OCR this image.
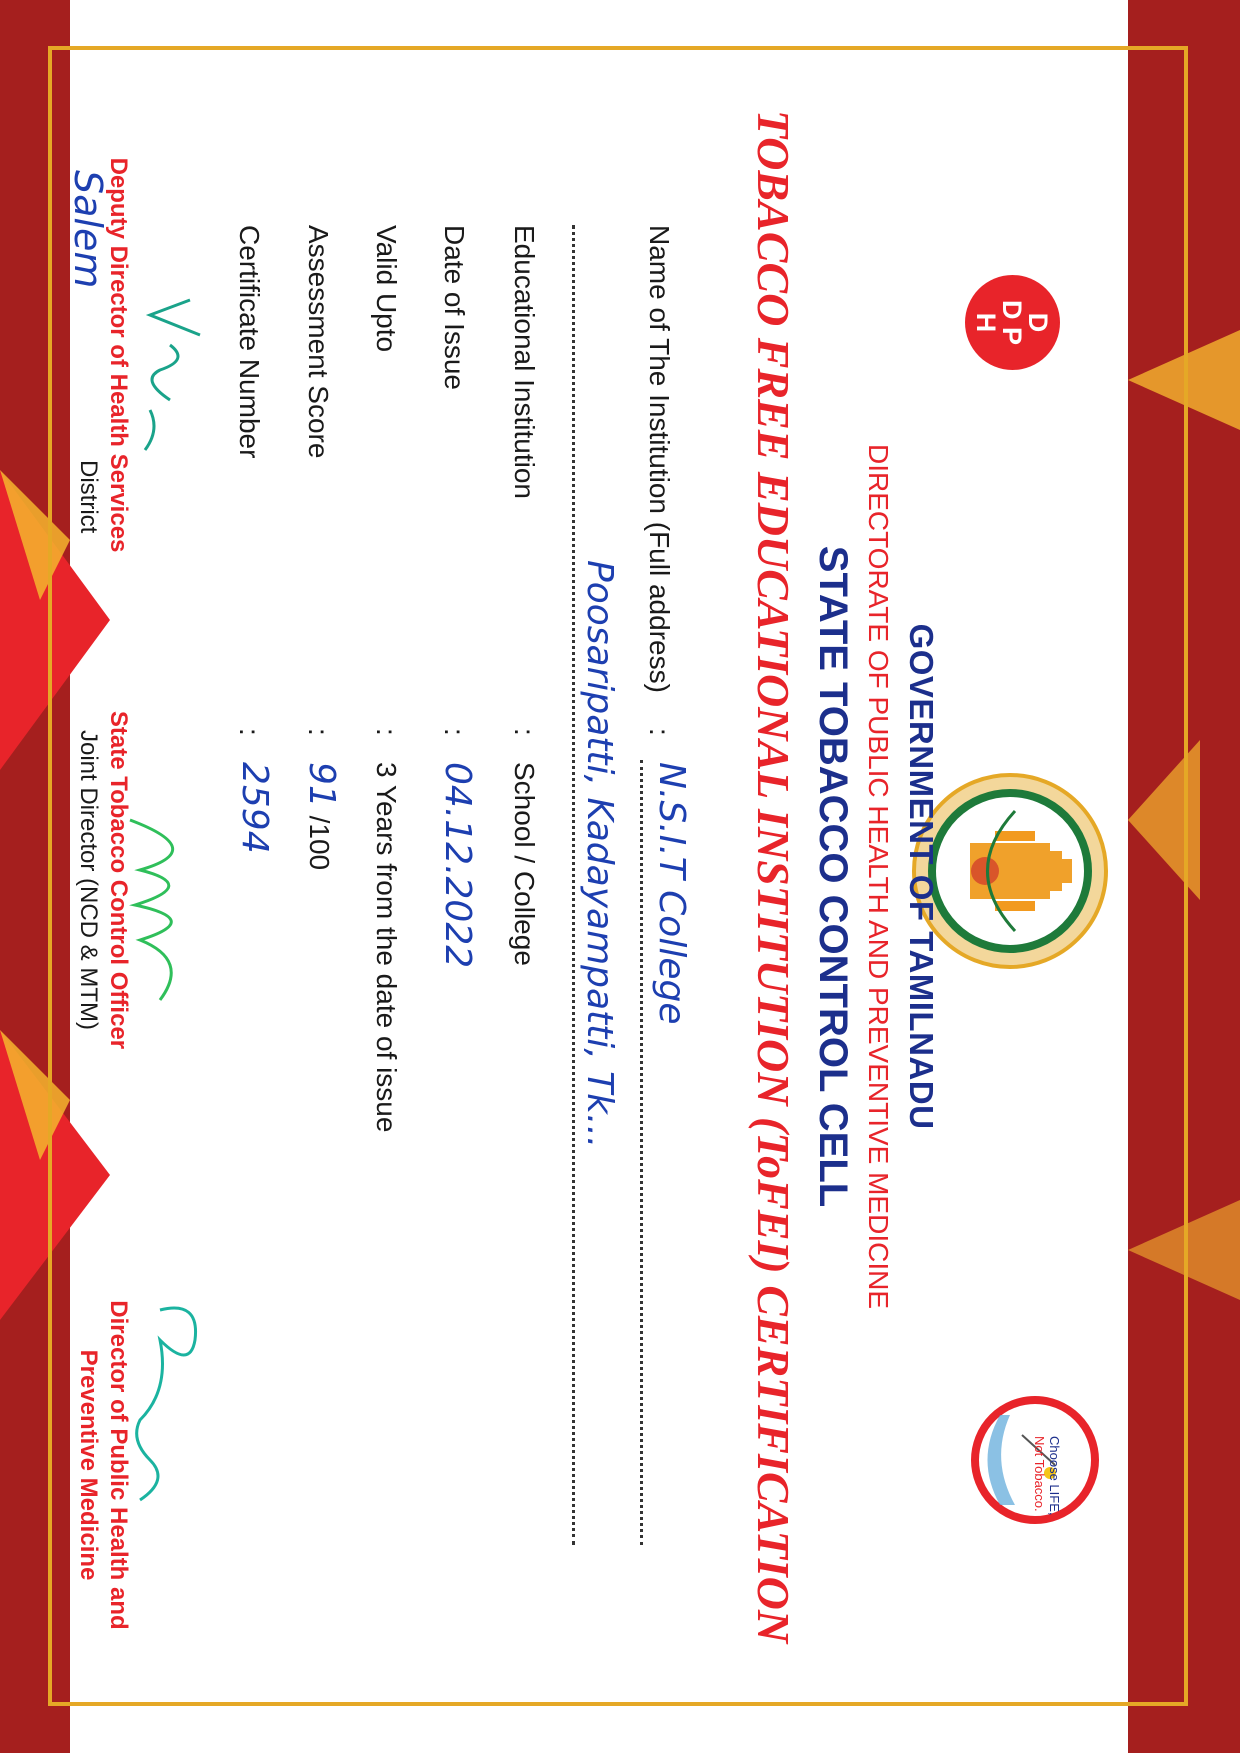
D
D P
H
Choose LIFE,
Not Tobacco.
GOVERNMENT OF TAMILNADU
DIRECTORATE OF PUBLIC HEALTH AND PREVENTIVE MEDICINE
STATE TOBACCO CONTROL CELL
TOBACCO FREE EDUCATIONAL INSTITUTION (ToFEI) CERTIFICATION
Name of The Institution (Full address)
:
N.S.I.T College
Poosaripatti, Kadayampatti, Tk...
Educational Institution
:
School / College
Date of Issue
:
04.12.2022
Valid Upto
:
3 Years from the date of issue
Assessment Score
:
91 /100
Certificate Number
:
2594
Deputy Director of Health Services
Salem
District
State Tobacco Control Officer
Joint Director (NCD & MTM)
Director of Public Health and
Preventive Medicine
